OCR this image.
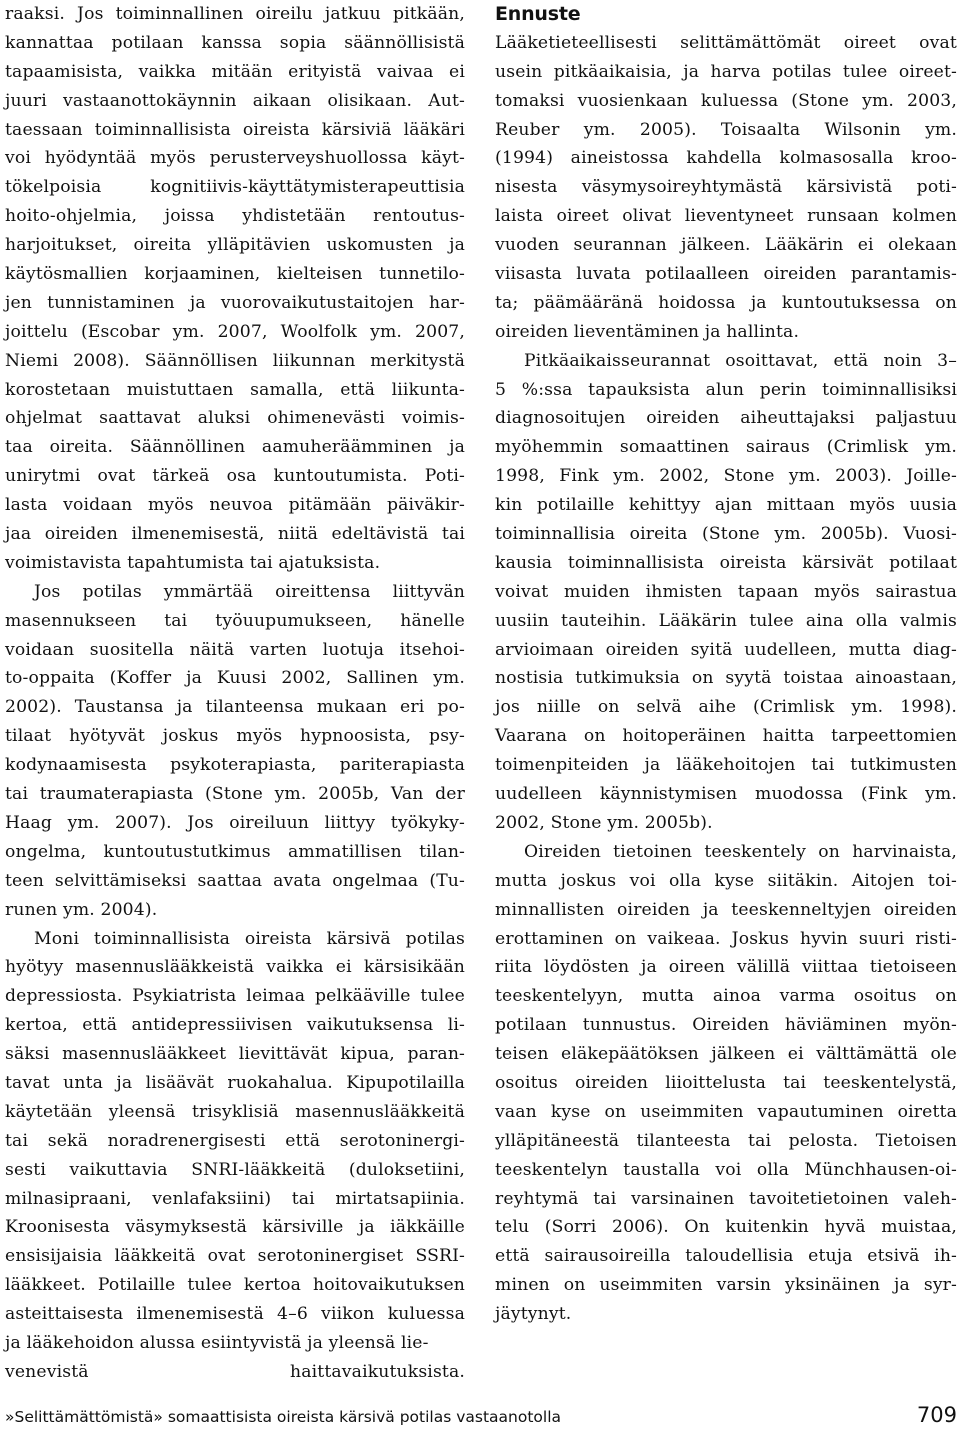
raaksi. Jos toiminnallinen oireilu jatkuu pitkään,
kannattaa potilaan kanssa sopia säännöllisistä
tapaamisista, vaikka mitään erityistä vaivaa ei
juuri vastaanottokäynnin aikaan olisikaan. Aut-
taessaan toiminnallisista oireista kärsiviä lääkäri
voi hyödyntää myös perusterveyshuollossa käyt-
tökelpoisia kognitiivis-käyttätymisterapeuttisia
hoito-ohjelmia, joissa yhdistetään rentoutus-
harjoitukset, oireita ylläpitävien uskomusten ja
käytösmallien korjaaminen, kielteisen tunnetilo-
jen tunnistaminen ja vuorovaikutustaitojen har-
joittelu (Escobar ym. 2007, Woolfolk ym. 2007,
Niemi 2008). Säännöllisen liikunnan merkitystä
korostetaan muistuttaen samalla, että liikunta-
ohjelmat saattavat aluksi ohimenevästi voimis-
taa oireita. Säännöllinen aamuheräämminen ja
unirytmi ovat tärkeä osa kuntoutumista. Poti-
lasta voidaan myös neuvoa pitämään päiväkir-
jaa oireiden ilmenemisestä, niitä edeltävistä tai
voimistavista tapahtumista tai ajatuksista.
Jos potilas ymmärtää oireittensa liittyvän
masennukseen tai työuupumukseen, hänelle
voidaan suositella näitä varten luotuja itsehoi-
to-oppaita (Koffer ja Kuusi 2002, Sallinen ym.
2002). Taustansa ja tilanteensa mukaan eri po-
tilaat hyötyvät joskus myös hypnoosista, psy-
kodynaamisesta psykoterapiasta, pariterapiasta
tai traumaterapiasta (Stone ym. 2005b, Van der
Haag ym. 2007). Jos oireiluun liittyy työkyky-
ongelma, kuntoutustutkimus ammatillisen tilan-
teen selvittämiseksi saattaa avata ongelmaa (Tu-
runen ym. 2004).
Moni toiminnallisista oireista kärsivä potilas
hyötyy masennuslääkkeistä vaikka ei kärsisikään
depressiosta. Psykiatrista leimaa pelkääville tulee
kertoa, että antidepressiivisen vaikutuksensa li-
säksi masennuslääkkeet lievittävät kipua, paran-
tavat unta ja lisäävät ruokahalua. Kipupotilailla
käytetään yleensä trisyklisiä masennuslääkkeitä
tai sekä noradrenergisesti että serotoninergi-
sesti vaikuttavia SNRI-lääkkeitä (duloksetiini,
milnasipraani, venlafaksiini) tai mirtatsapiinia.
Kroonisesta väsymyksestä kärsiville ja iäkkäille
ensisijaisia lääkkeitä ovat serotoninergiset SSRI-
lääkkeet. Potilaille tulee kertoa hoitovaikutuksen
asteittaisesta ilmenemisestä 4–6 viikon kuluessa
ja lääkehoidon alussa esiintyvistä ja yleensä lie-
venevistä haittavaikutuksista.
Ennuste
Lääketieteellisesti selittämättömät oireet ovat
usein pitkäaikaisia, ja harva potilas tulee oireet-
tomaksi vuosienkaan kuluessa (Stone ym. 2003,
Reuber ym. 2005). Toisaalta Wilsonin ym.
(1994) aineistossa kahdella kolmasosalla kroo-
nisesta väsymysoireyhtymästä kärsivistä poti-
laista oireet olivat lieventyneet runsaan kolmen
vuoden seurannan jälkeen. Lääkärin ei olekaan
viisasta luvata potilaalleen oireiden parantamis-
ta; päämääränä hoidossa ja kuntoutuksessa on
oireiden lieventäminen ja hallinta.
Pitkäaikaisseurannat osoittavat, että noin 3–
5 %:ssa tapauksista alun perin toiminnallisiksi
diagnosoitujen oireiden aiheuttajaksi paljastuu
myöhemmin somaattinen sairaus (Crimlisk ym.
1998, Fink ym. 2002, Stone ym. 2003). Joille-
kin potilaille kehittyy ajan mittaan myös uusia
toiminnallisia oireita (Stone ym. 2005b). Vuosi-
kausia toiminnallisista oireista kärsivät potilaat
voivat muiden ihmisten tapaan myös sairastua
uusiin tauteihin. Lääkärin tulee aina olla valmis
arvioimaan oireiden syitä uudelleen, mutta diag-
nostisia tutkimuksia on syytä toistaa ainoastaan,
jos niille on selvä aihe (Crimlisk ym. 1998).
Vaarana on hoitoperäinen haitta tarpeettomien
toimenpiteiden ja lääkehoitojen tai tutkimusten
uudelleen käynnistymisen muodossa (Fink ym.
2002, Stone ym. 2005b).
Oireiden tietoinen teeskentely on harvinaista,
mutta joskus voi olla kyse siitäkin. Aitojen toi-
minnallisten oireiden ja teeskenneltyjen oireiden
erottaminen on vaikeaa. Joskus hyvin suuri risti-
riita löydösten ja oireen välillä viittaa tietoiseen
teeskentelyyn, mutta ainoa varma osoitus on
potilaan tunnustus. Oireiden häviäminen myön-
teisen eläkepäätöksen jälkeen ei välttämättä ole
osoitus oireiden liioittelusta tai teeskentelystä,
vaan kyse on useimmiten vapautuminen oiretta
ylläpitäneestä tilanteesta tai pelosta. Tietoisen
teeskentelyn taustalla voi olla Münchhausen-oi-
reyhtymä tai varsinainen tavoitetietoinen valeh-
telu (Sorri 2006). On kuitenkin hyvä muistaa,
että sairausoireilla taloudellisia etuja etsivä ih-
minen on useimmiten varsin yksinäinen ja syr-
jäytynyt.
»Selittämättömistä» somaattisista oireista kärsivä potilas vastaanotolla	709
